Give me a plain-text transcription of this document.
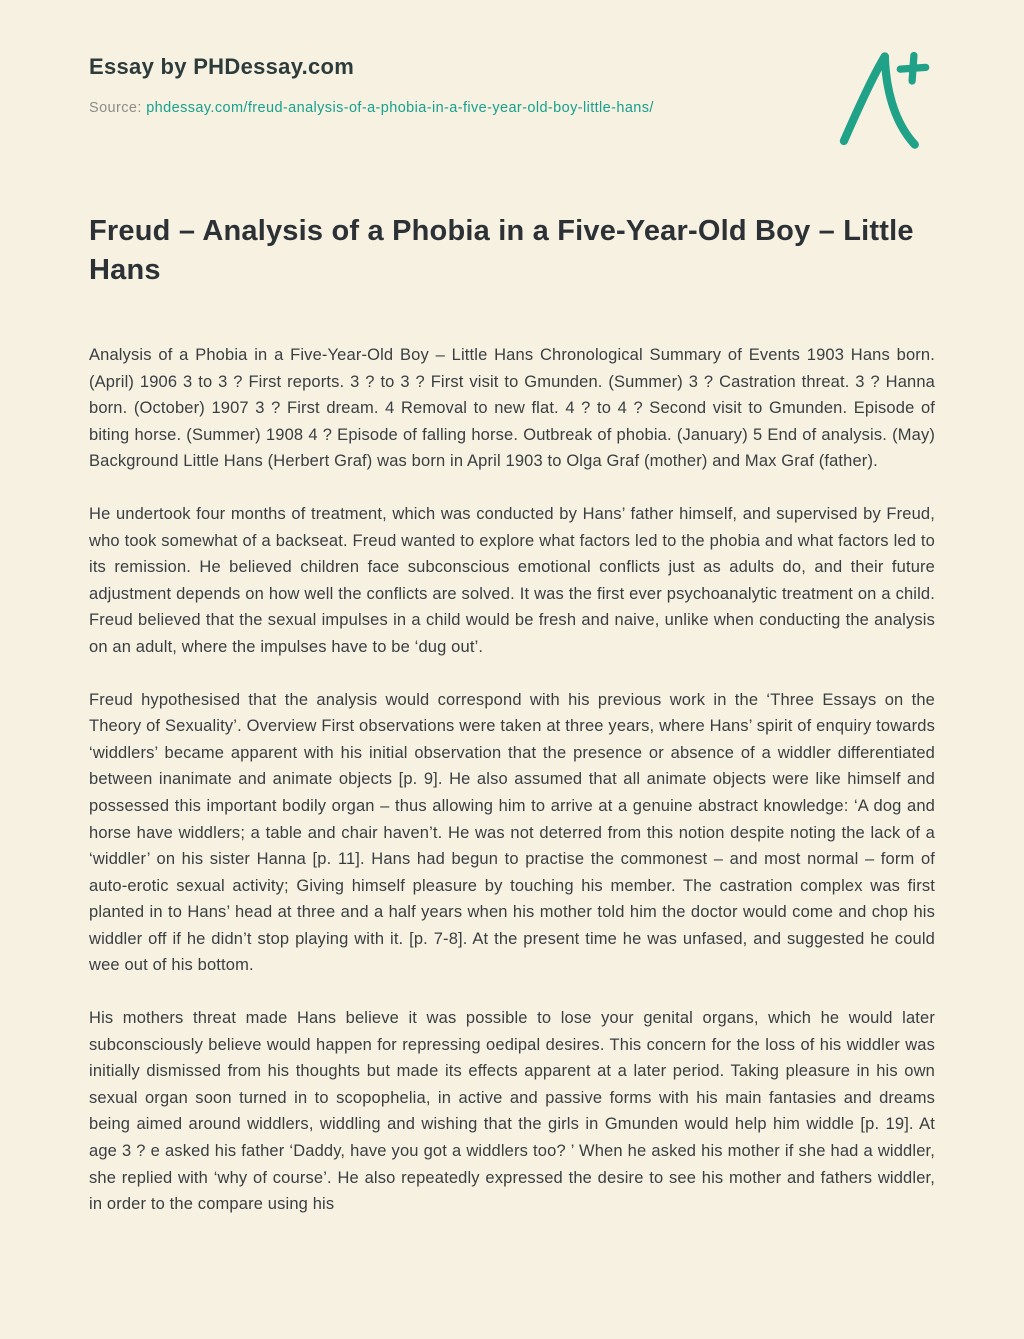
Essay by PHDessay.com
Source: phdessay.com/freud-analysis-of-a-phobia-in-a-five-year-old-boy-little-hans/
Freud – Analysis of a Phobia in a Five-Year-Old Boy – Little Hans

Analysis of a Phobia in a Five-Year-Old Boy – Little Hans Chronological Summary of Events 1903 Hans born. (April) 1906 3 to 3 ? First reports. 3 ? to 3 ? First visit to Gmunden. (Summer) 3 ? Castration threat. 3 ? Hanna born. (October) 1907 3 ? First dream. 4 Removal to new flat. 4 ? to 4 ? Second visit to Gmunden. Episode of biting horse. (Summer) 1908 4 ? Episode of falling horse. Outbreak of phobia. (January) 5 End of analysis. (May) Background Little Hans (Herbert Graf) was born in April 1903 to Olga Graf (mother) and Max Graf (father).

He undertook four months of treatment, which was conducted by Hans’ father himself, and supervised by Freud, who took somewhat of a backseat. Freud wanted to explore what factors led to the phobia and what factors led to its remission. He believed children face subconscious emotional conflicts just as adults do, and their future adjustment depends on how well the conflicts are solved. It was the first ever psychoanalytic treatment on a child. Freud believed that the sexual impulses in a child would be fresh and naive, unlike when conducting the analysis on an adult, where the impulses have to be ‘dug out’.

Freud hypothesised that the analysis would correspond with his previous work in the ‘Three Essays on the Theory of Sexuality’. Overview First observations were taken at three years, where Hans’ spirit of enquiry towards ‘widdlers’ became apparent with his initial observation that the presence or absence of a widdler differentiated between inanimate and animate objects [p. 9]. He also assumed that all animate objects were like himself and possessed this important bodily organ – thus allowing him to arrive at a genuine abstract knowledge: ‘A dog and horse have widdlers; a table and chair haven’t. He was not deterred from this notion despite noting the lack of a ‘widdler’ on his sister Hanna [p. 11]. Hans had begun to practise the commonest – and most normal – form of auto-erotic sexual activity; Giving himself pleasure by touching his member. The castration complex was first planted in to Hans’ head at three and a half years when his mother told him the doctor would come and chop his widdler off if he didn’t stop playing with it. [p. 7-8]. At the present time he was unfased, and suggested he could wee out of his bottom.

His mothers threat made Hans believe it was possible to lose your genital organs, which he would later subconsciously believe would happen for repressing oedipal desires. This concern for the loss of his widdler was initially dismissed from his thoughts but made its effects apparent at a later period. Taking pleasure in his own sexual organ soon turned in to scopophelia, in active and passive forms with his main fantasies and dreams being aimed around widdlers, widdling and wishing that the girls in Gmunden would help him widdle [p. 19]. At age 3 ? e asked his father ‘Daddy, have you got a widdlers too? ’ When he asked his mother if she had a widdler, she replied with ‘why of course’. He also repeatedly expressed the desire to see his mother and fathers widdler, in order to the compare using his
